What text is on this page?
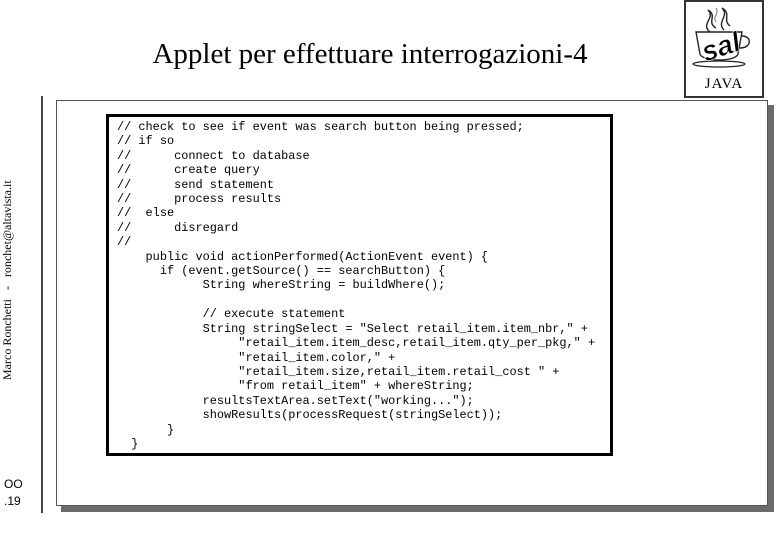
Applet per effettuare interrogazioni-4	sal
JAVA
Marco Ronchetti   -   ronchet@altavista.it
OO
.19
// check to see if event was search button being pressed;
// if so
//      connect to database
//      create query
//      send statement
//      process results
//  else
//      disregard
//
public void actionPerformed(ActionEvent event) {
if (event.getSource() == searchButton) {
String whereString = buildWhere();

// execute statement
String stringSelect = "Select retail_item.item_nbr," +
"retail_item.item_desc,retail_item.qty_per_pkg," +
"retail_item.color," +
"retail_item.size,retail_item.retail_cost " +
"from retail_item" + whereString;
resultsTextArea.setText("working...");
showResults(processRequest(stringSelect));
}
}
